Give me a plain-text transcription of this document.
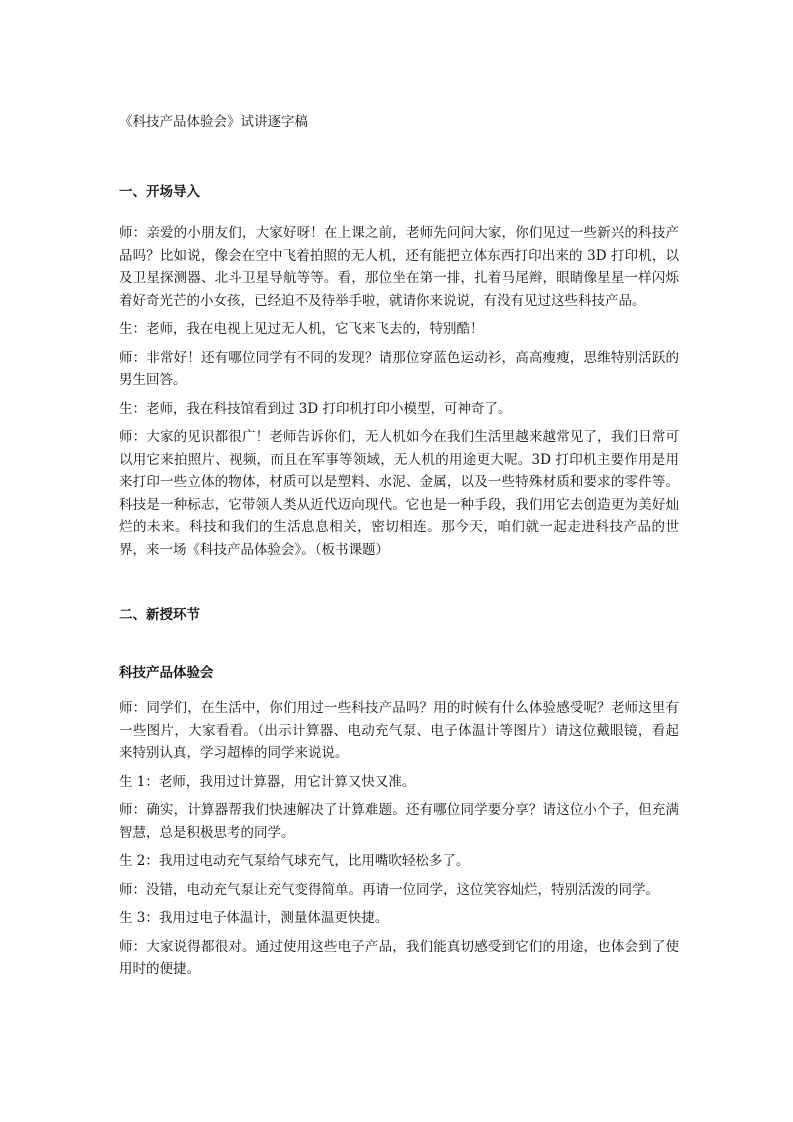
《科技产品体验会》试讲逐字稿
一、开场导入
师：亲爱的小朋友们，大家好呀！在上课之前，老师先问问大家，你们见过一些新兴的科技产品吗？比如说，像会在空中飞着拍照的无人机，还有能把立体东西打印出来的 3D 打印机，以及卫星探测器、北斗卫星导航等等。看，那位坐在第一排，扎着马尾辫，眼睛像星星一样闪烁着好奇光芒的小女孩，已经迫不及待举手啦，就请你来说说，有没有见过这些科技产品。
生：老师，我在电视上见过无人机，它飞来飞去的，特别酷！
师：非常好！还有哪位同学有不同的发现？请那位穿蓝色运动衫，高高瘦瘦，思维特别活跃的男生回答。
生：老师，我在科技馆看到过 3D 打印机打印小模型，可神奇了。
师：大家的见识都很广！老师告诉你们，无人机如今在我们生活里越来越常见了，我们日常可以用它来拍照片、视频，而且在军事等领域，无人机的用途更大呢。3D 打印机主要作用是用来打印一些立体的物体，材质可以是塑料、水泥、金属，以及一些特殊材质和要求的零件等。科技是一种标志，它带领人类从近代迈向现代。它也是一种手段，我们用它去创造更为美好灿烂的未来。科技和我们的生活息息相关，密切相连。那今天，咱们就一起走进科技产品的世界，来一场《科技产品体验会》。（板书课题）
二、新授环节
科技产品体验会
师：同学们，在生活中，你们用过一些科技产品吗？用的时候有什么体验感受呢？老师这里有一些图片，大家看看。（出示计算器、电动充气泵、电子体温计等图片）请这位戴眼镜，看起来特别认真，学习超棒的同学来说说。
生 1：老师，我用过计算器，用它计算又快又准。
师：确实，计算器帮我们快速解决了计算难题。还有哪位同学要分享？请这位小个子，但充满智慧，总是积极思考的同学。
生 2：我用过电动充气泵给气球充气，比用嘴吹轻松多了。
师：没错，电动充气泵让充气变得简单。再请一位同学，这位笑容灿烂，特别活泼的同学。
生 3：我用过电子体温计，测量体温更快捷。
师：大家说得都很对。通过使用这些电子产品，我们能真切感受到它们的用途，也体会到了使用时的便捷。
